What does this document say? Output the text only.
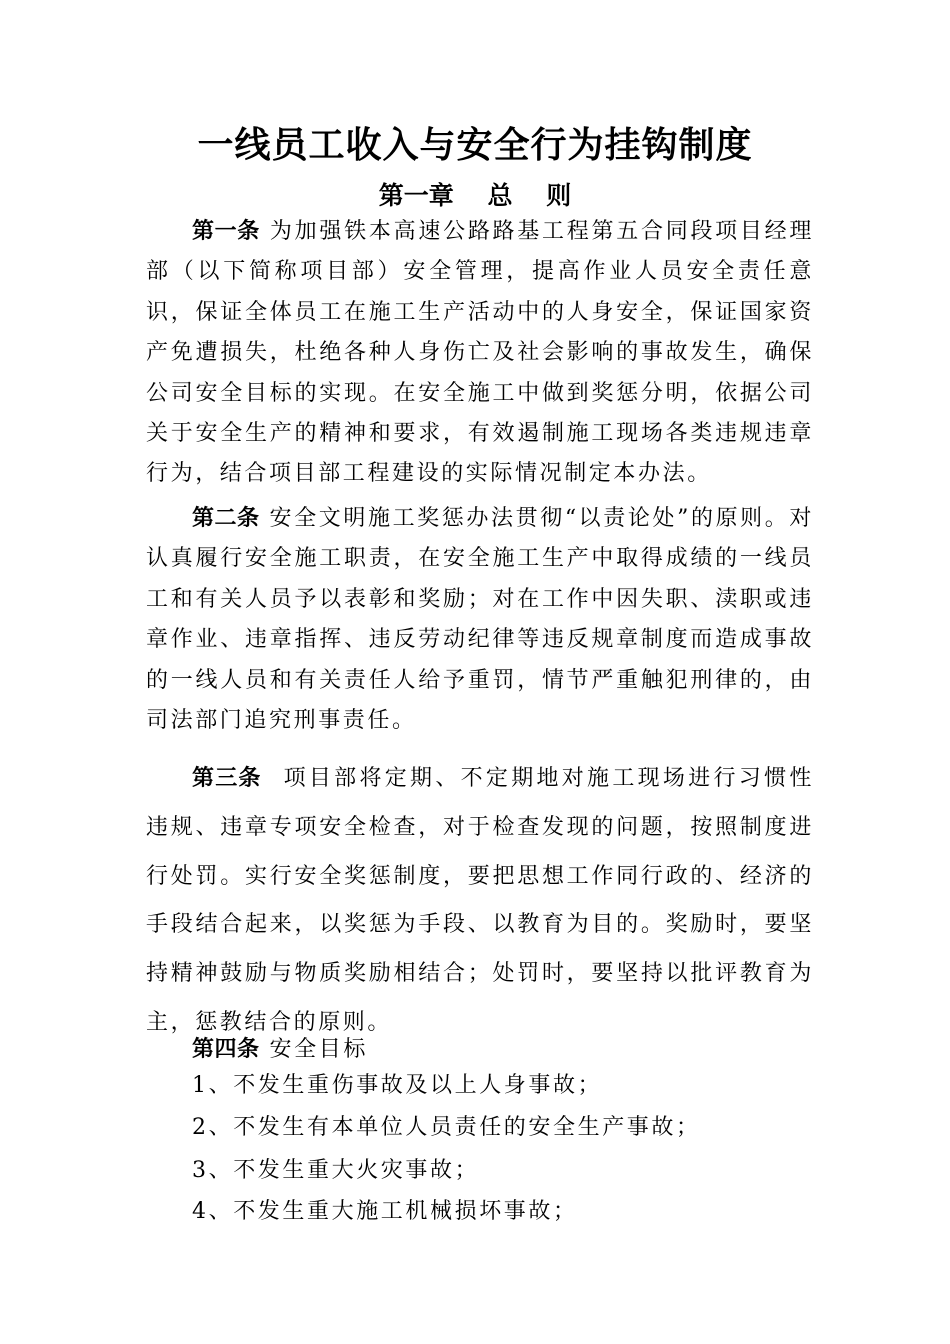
一线员工收入与安全行为挂钩制度
第一章　 总　 则

第一条 为加强铁本高速公路路基工程第五合同段项目经理部（以下简称项目部）安全管理，提高作业人员安全责任意识，保证全体员工在施工生产活动中的人身安全，保证国家资产免遭损失，杜绝各种人身伤亡及社会影响的事故发生，确保公司安全目标的实现。在安全施工中做到奖惩分明，依据公司关于安全生产的精神和要求，有效遏制施工现场各类违规违章行为，结合项目部工程建设的实际情况制定本办法。

第二条 安全文明施工奖惩办法贯彻“以责论处”的原则。对认真履行安全施工职责，在安全施工生产中取得成绩的一线员工和有关人员予以表彰和奖励；对在工作中因失职、渎职或违章作业、违章指挥、违反劳动纪律等违反规章制度而造成事故的一线人员和有关责任人给予重罚，情节严重触犯刑律的，由司法部门追究刑事责任。

第三条 项目部将定期、不定期地对施工现场进行习惯性违规、违章专项安全检查，对于检查发现的问题，按照制度进行处罚。实行安全奖惩制度，要把思想工作同行政的、经济的手段结合起来，以奖惩为手段、以教育为目的。奖励时，要坚持精神鼓励与物质奖励相结合；处罚时，要坚持以批评教育为主，惩教结合的原则。

第四条 安全目标

1、不发生重伤事故及以上人身事故；

2、不发生有本单位人员责任的安全生产事故；

3、不发生重大火灾事故；

4、不发生重大施工机械损坏事故；
